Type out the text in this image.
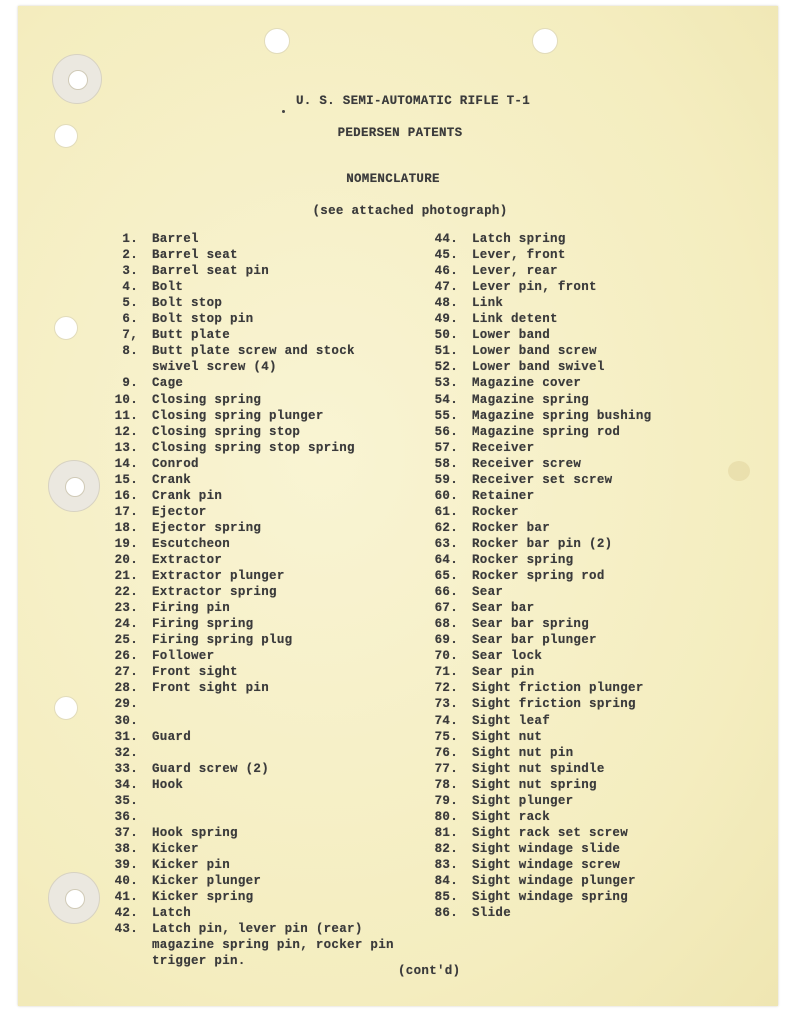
U. S. SEMI-AUTOMATIC RIFLE T-1
PEDERSEN PATENTS
NOMENCLATURE
(see attached photograph)
1. Barrel
2. Barrel seat
3. Barrel seat pin
4. Bolt
5. Bolt stop
6. Bolt stop pin
7, Butt plate
8. Butt plate screw and stock
swivel screw (4)
9. Cage
10. Closing spring
11. Closing spring plunger
12. Closing spring stop
13. Closing spring stop spring
14. Conrod
15. Crank
16. Crank pin
17. Ejector
18. Ejector spring
19. Escutcheon
20. Extractor
21. Extractor plunger
22. Extractor spring
23. Firing pin
24. Firing spring
25. Firing spring plug
26. Follower
27. Front sight
28. Front sight pin
29.
30.
31. Guard
32.
33. Guard screw (2)
34. Hook
35.
36.
37. Hook spring
38. Kicker
39. Kicker pin
40. Kicker plunger
41. Kicker spring
42. Latch
43. Latch pin, lever pin (rear)
magazine spring pin, rocker pin
trigger pin.
44. Latch spring
45. Lever, front
46. Lever, rear
47. Lever pin, front
48. Link
49. Link detent
50. Lower band
51. Lower band screw
52. Lower band swivel
53. Magazine cover
54. Magazine spring
55. Magazine spring bushing
56. Magazine spring rod
57. Receiver
58. Receiver screw
59. Receiver set screw
60. Retainer
61. Rocker
62. Rocker bar
63. Rocker bar pin (2)
64. Rocker spring
65. Rocker spring rod
66. Sear
67. Sear bar
68. Sear bar spring
69. Sear bar plunger
70. Sear lock
71. Sear pin
72. Sight friction plunger
73. Sight friction spring
74. Sight leaf
75. Sight nut
76. Sight nut pin
77. Sight nut spindle
78. Sight nut spring
79. Sight plunger
80. Sight rack
81. Sight rack set screw
82. Sight windage slide
83. Sight windage screw
84. Sight windage plunger
85. Sight windage spring
86. Slide
(cont'd)
